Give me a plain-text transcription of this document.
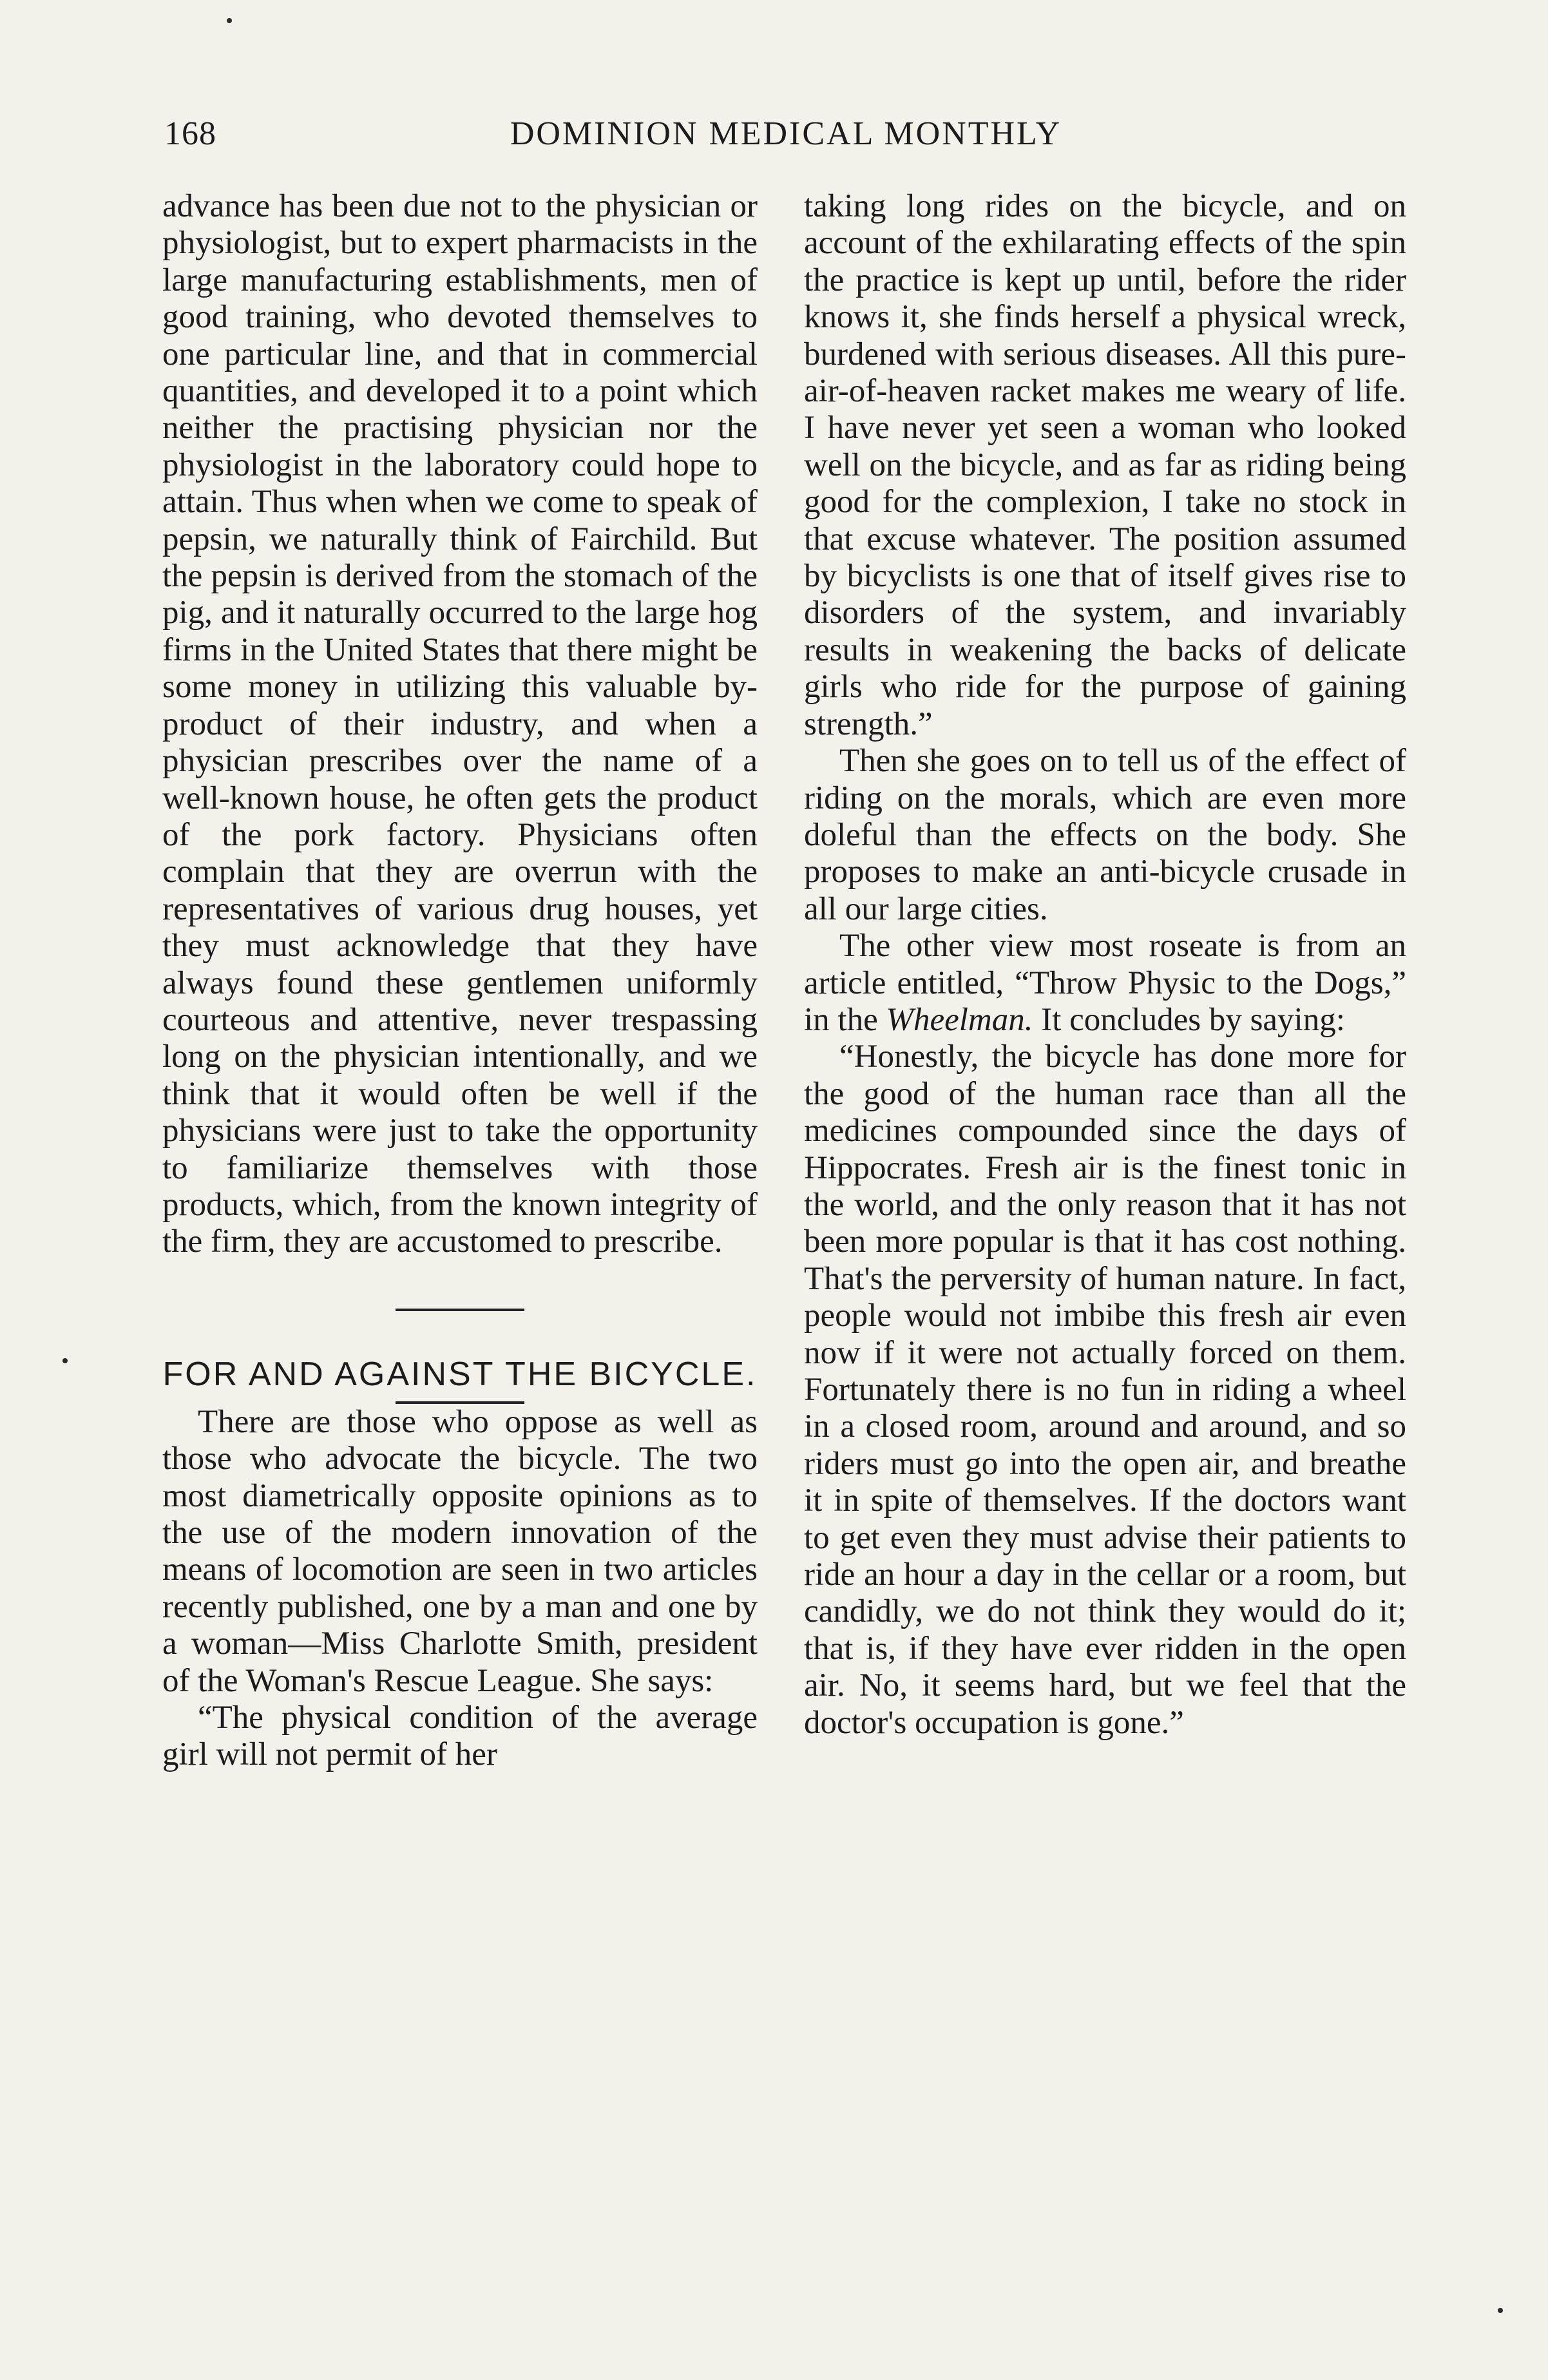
168	DOMINION MEDICAL MONTHLY

advance has been due not to the physician or physiologist, but to expert pharmacists in the large manufacturing establishments, men of good training, who devoted themselves to one particular line, and that in commercial quantities, and developed it to a point which neither the practising physician nor the physiologist in the laboratory could hope to attain. Thus when when we come to speak of pepsin, we naturally think of Fairchild. But the pepsin is derived from the stomach of the pig, and it naturally occurred to the large hog firms in the United States that there might be some money in utilizing this valuable by-product of their industry, and when a physician prescribes over the name of a well-known house, he often gets the product of the pork factory. Physicians often complain that they are overrun with the representatives of various drug houses, yet they must acknowledge that they have always found these gentlemen uniformly courteous and attentive, never trespassing long on the physician intentionally, and we think that it would often be well if the physicians were just to take the opportunity to familiarize themselves with those products, which, from the known integrity of the firm, they are accustomed to prescribe.

FOR AND AGAINST THE BICYCLE.

There are those who oppose as well as those who advocate the bicycle. The two most diametrically opposite opinions as to the use of the modern innovation of the means of locomotion are seen in two articles recently published, one by a man and one by a woman—Miss Charlotte Smith, president of the Woman's Rescue League. She says:

“The physical condition of the average girl will not permit of her

taking long rides on the bicycle, and on account of the exhilarating effects of the spin the practice is kept up until, before the rider knows it, she finds herself a physical wreck, burdened with serious diseases. All this pure-air-of-heaven racket makes me weary of life. I have never yet seen a woman who looked well on the bicycle, and as far as riding being good for the complexion, I take no stock in that excuse whatever. The position assumed by bicyclists is one that of itself gives rise to disorders of the system, and invariably results in weakening the backs of delicate girls who ride for the purpose of gaining strength.”

Then she goes on to tell us of the effect of riding on the morals, which are even more doleful than the effects on the body. She proposes to make an anti-bicycle crusade in all our large cities.

The other view most roseate is from an article entitled, “Throw Physic to the Dogs,” in the Wheelman. It concludes by saying:

“Honestly, the bicycle has done more for the good of the human race than all the medicines compounded since the days of Hippocrates. Fresh air is the finest tonic in the world, and the only reason that it has not been more popular is that it has cost nothing. That's the perversity of human nature. In fact, people would not imbibe this fresh air even now if it were not actually forced on them. Fortunately there is no fun in riding a wheel in a closed room, around and around, and so riders must go into the open air, and breathe it in spite of themselves. If the doctors want to get even they must advise their patients to ride an hour a day in the cellar or a room, but candidly, we do not think they would do it; that is, if they have ever ridden in the open air. No, it seems hard, but we feel that the doctor's occupation is gone.”
